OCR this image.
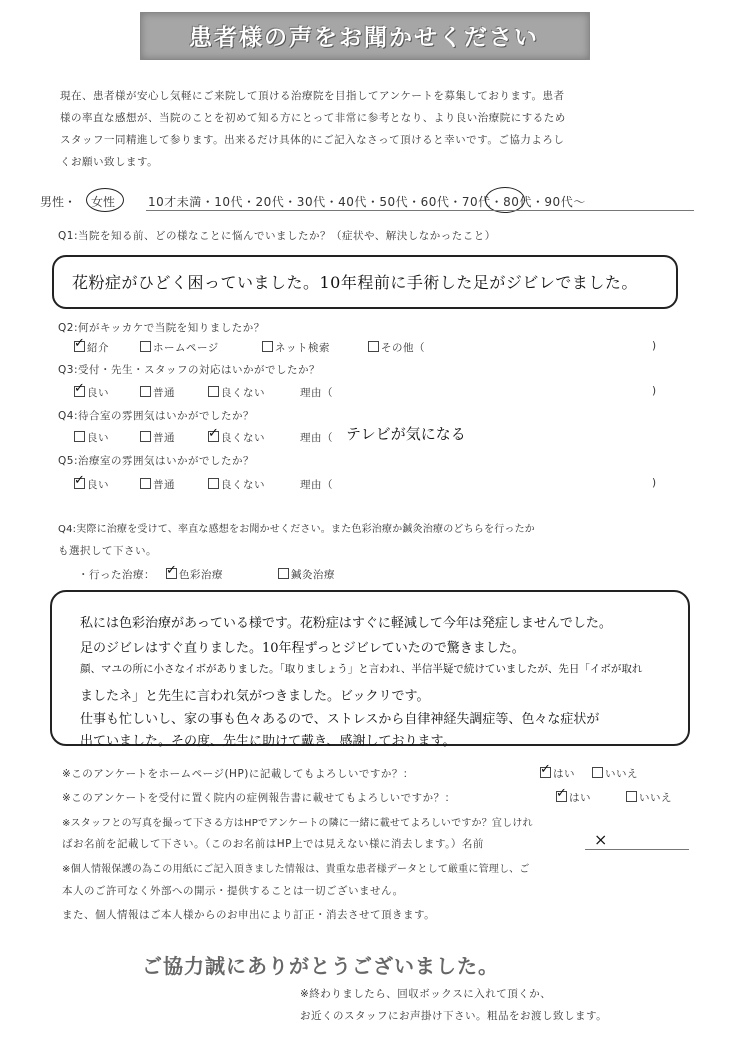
患者様の声をお聞かせください
現在、患者様が安心し気軽にご来院して頂ける治療院を目指してアンケートを募集しております。患者
様の率直な感想が、当院のことを初めて知る方にとって非常に参考となり、より良い治療院にするため
スタッフ一同精進して参ります。出来るだけ具体的にご記入なさって頂けると幸いです。ご協力よろし
くお願い致します。
男性・ 女性	10才未満・10代・20代・30代・40代・50代・60代・70代・80代・90代〜
Q1:当院を知る前、どの様なことに悩んでいましたか？（症状や、解決しなかったこと）
花粉症がひどく困っていました。10年程前に手術した足がジビレでました。
Q2:何がキッカケで当院を知りましたか？
✓ 紹介	ホームページ	ネット検索	その他（	)
Q3:受付・先生・スタッフの対応はいかがでしたか？
✓ 良い	普通	良くない	理由（	)
Q4:待合室の雰囲気はいかがでしたか？
良い	普通	✓ 良くない	理由（ テレビが気になる
Q5:治療室の雰囲気はいかがでしたか？
✓ 良い	普通	良くない	理由（	)
Q4:実際に治療を受けて、率直な感想をお聞かせください。また色彩治療か鍼灸治療のどちらを行ったか
も選択して下さい。
・行った治療： ✓ 色彩治療	鍼灸治療
私には色彩治療があっている様です。花粉症はすぐに軽減して今年は発症しませんでした。
足のジビレはすぐ直りました。10年程ずっとジビレていたので驚きました。
顔、マユの所に小さなイボがありました。「取りましょう」と言われ、半信半疑で続けていましたが、先日「イボが取れ
ましたネ」と先生に言われ気がつきました。ビックリです。
仕事も忙しいし、家の事も色々あるので、ストレスから自律神経失調症等、色々な症状が
出ていました。その度、先生に助けて戴き、感謝しております。
※このアンケートをホームページ(HP)に記載してもよろしいですか？：	✓ はい	いいえ
※このアンケートを受付に置く院内の症例報告書に載せてもよろしいですか？：	✓ はい	いいえ
※スタッフとの写真を撮って下さる方はHPでアンケートの隣に一緒に載せてよろしいですか？宜しけれ
ばお名前を記載して下さい。（このお名前はHP上では見えない様に消去します。）名前	×
※個人情報保護の為この用紙にご記入頂きました情報は、貴重な患者様データとして厳重に管理し、ご
本人のご許可なく外部への開示・提供することは一切ございません。
また、個人情報はご本人様からのお申出により訂正・消去させて頂きます。
ご協力誠にありがとうございました。
※終わりましたら、回収ボックスに入れて頂くか、
お近くのスタッフにお声掛け下さい。粗品をお渡し致します。
